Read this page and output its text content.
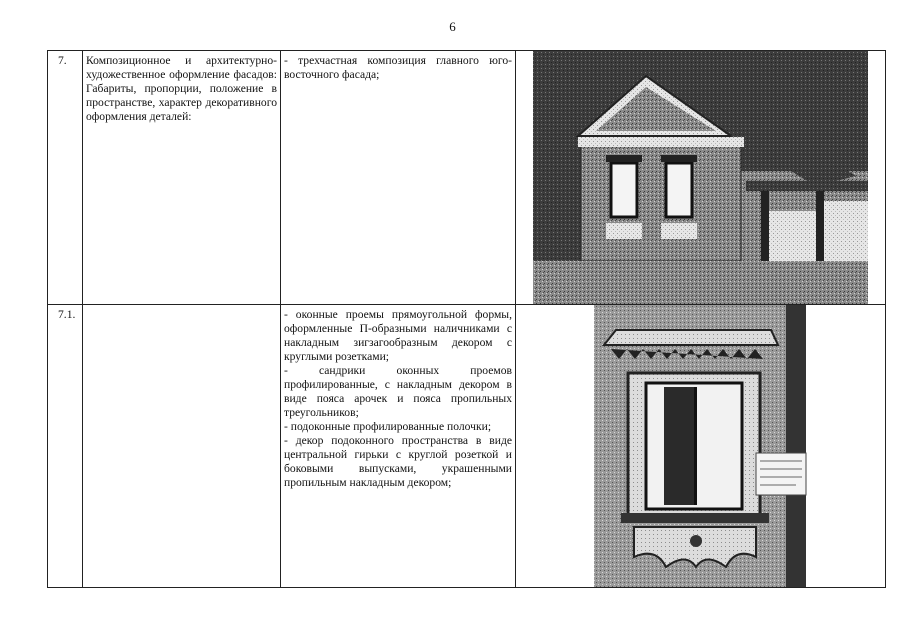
6
7.	Композиционное и архитектурно-художественное оформление фасадов: Габариты, пропорции, положение в пространстве, характер декоративного оформления деталей:	- трехчастная композиция главного юго-восточного фасада;

7.1.		- оконные проемы прямоугольной формы, оформленные П-образными наличниками с накладным зигзагообразным декором с круглыми розетками;
- сандрики оконных проемов профилированные, с накладным декором в виде пояса арочек и пояса пропильных треугольников;
- подоконные профилированные полочки;
- декор подоконного пространства в виде центральной гирьки с круглой розеткой и боковыми выпусками, украшенными пропильным накладным декором;
